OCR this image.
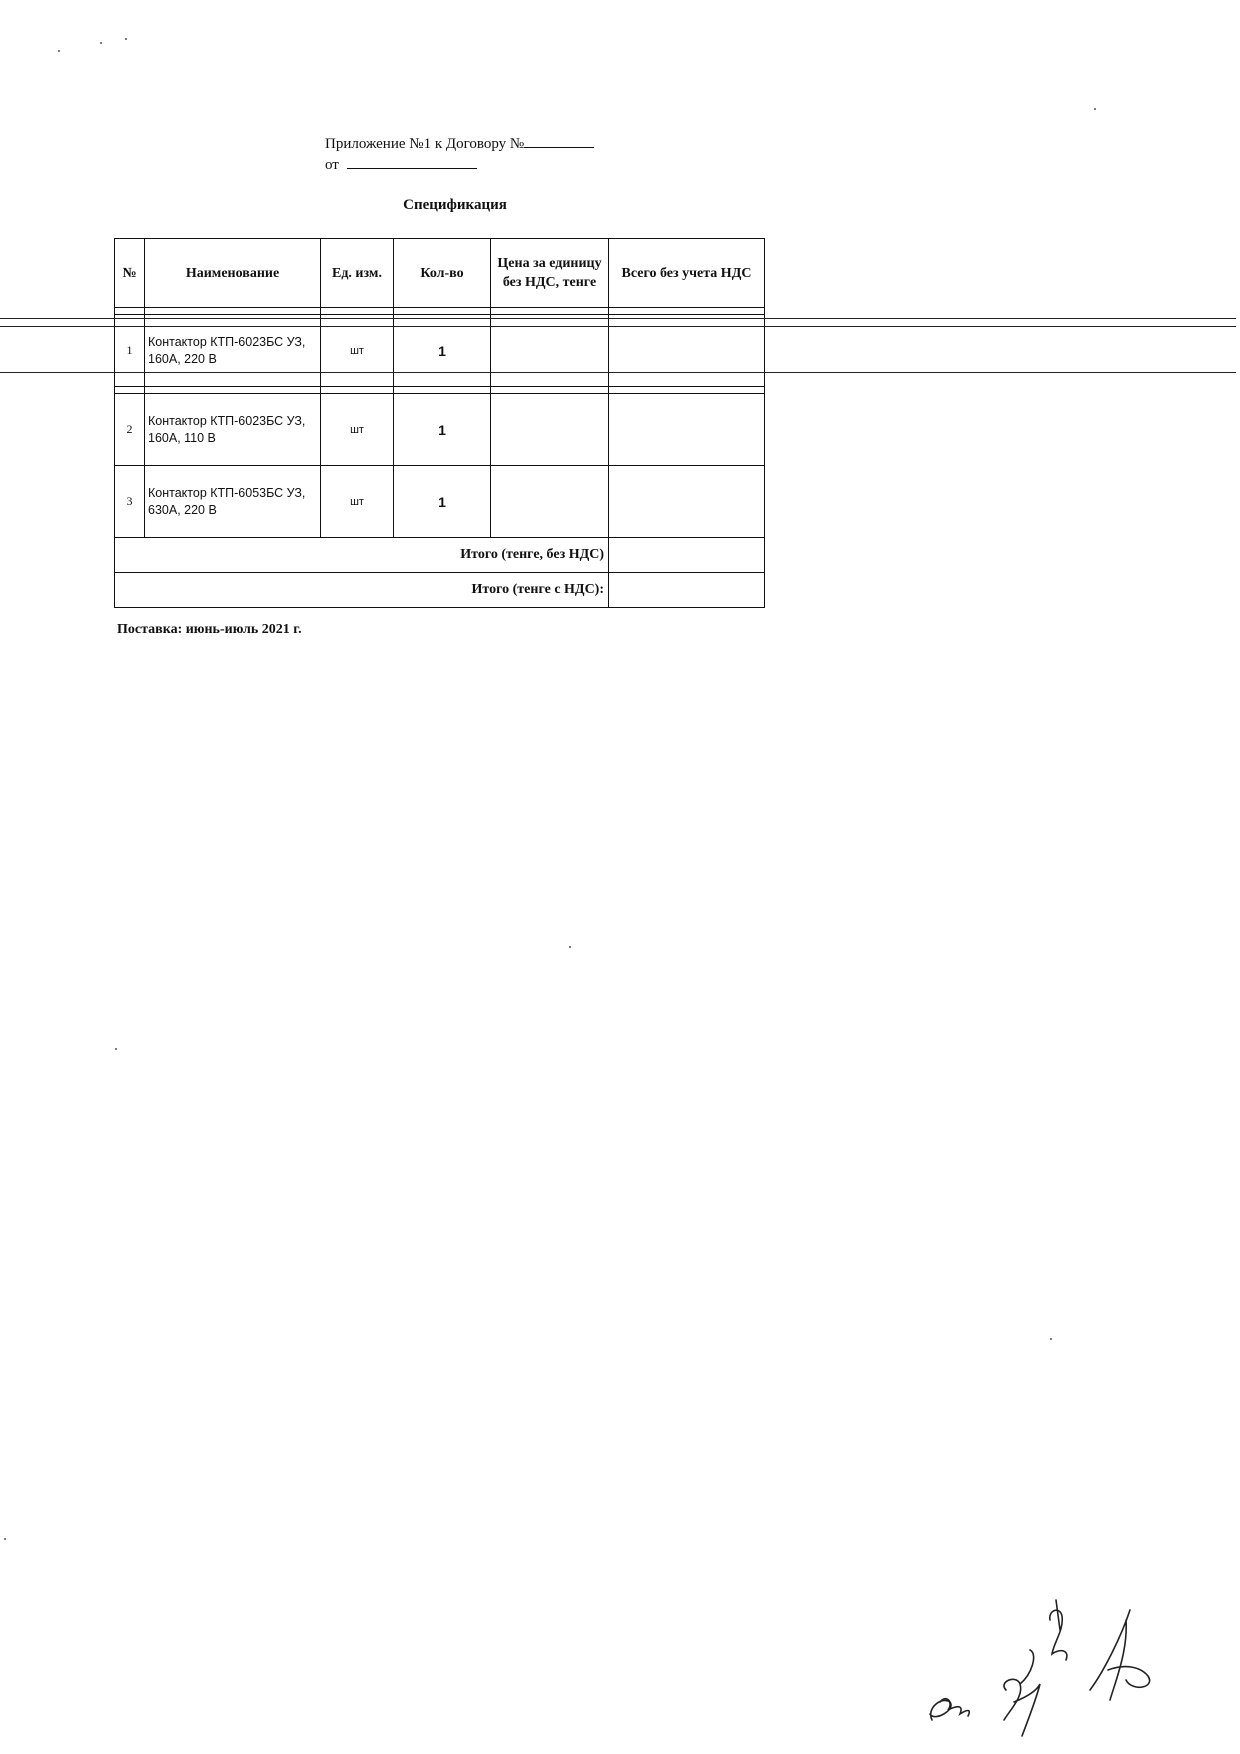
Приложение №1 к Договору №
от
Спецификация
№	Наименование	Ед. изм.	Кол-во	Цена за единицу без НДС, тенге	Всего без учета НДС

1	Контактор КТП-6023БС УЗ, 160А, 220 В	шт	1		

2	Контактор КТП-6023БС УЗ, 160А, 110 В	шт	1		
3	Контактор КТП-6053БС УЗ, 630А, 220 В	шт	1		
Итого (тенге, без НДС)					
Итого (тенге с НДС):					
Поставка: июнь-июль 2021 г.
